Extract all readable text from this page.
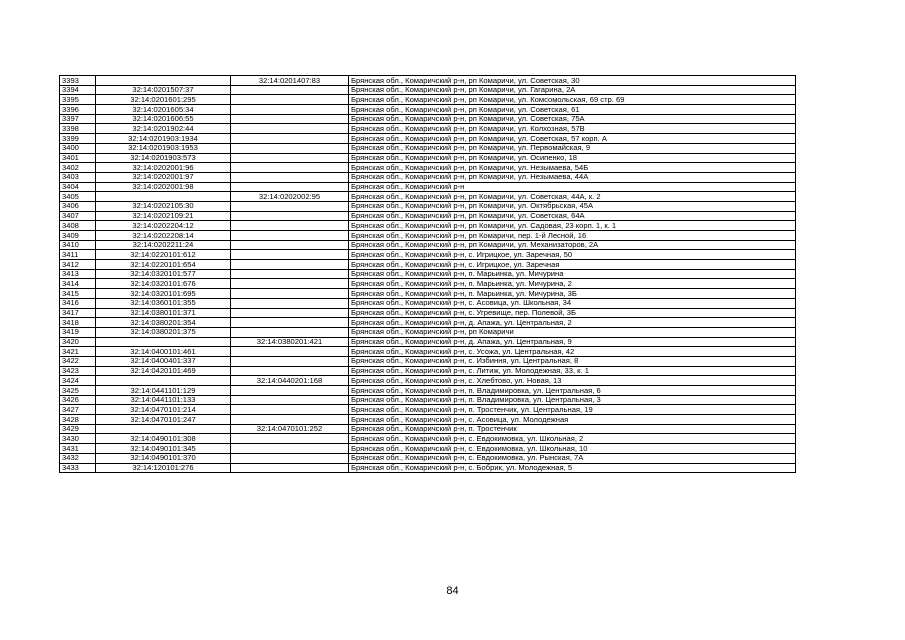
3393		32:14:0201407:83	Брянская обл., Комаричский р-н, рп Комаричи, ул. Советская, 30
3394	32:14:0201507:37		Брянская обл., Комаричский р-н, рп Комаричи, ул. Гагарина, 2А
3395	32:14:0201601:295		Брянская обл., Комаричский р-н, рп Комаричи, ул. Комсомольская, 69 стр. 69
3396	32:14:0201605:34		Брянская обл., Комаричский р-н, рп Комаричи, ул. Советская, 61
3397	32:14:0201606:55		Брянская обл., Комаричский р-н, рп Комаричи, ул. Советская, 75А
3398	32:14:0201902:44		Брянская обл., Комаричский р-н, рп Комаричи, ул. Колхозная, 57В
3399	32:14:0201903:1934		Брянская обл., Комаричский р-н, рп Комаричи, ул. Советская, 57 корп. А
3400	32:14:0201903:1953		Брянская обл., Комаричский р-н, рп Комаричи, ул. Первомайская, 9
3401	32:14:0201903:573		Брянская обл., Комаричский р-н, рп Комаричи, ул. Осипенко, 18
3402	32:14:0202001:96		Брянская обл., Комаричский р-н, рп Комаричи, ул. Незымаева, 54Б
3403	32:14:0202001:97		Брянская обл., Комаричский р-н, рп Комаричи, ул. Незымаева, 44А
3404	32:14:0202001:98		Брянская обл., Комаричский р-н
3405		32:14:0202002:95	Брянская обл., Комаричский р-н, рп Комаричи, ул. Советская, 44А, к. 2
3406	32:14:0202105:30		Брянская обл., Комаричский р-н, рп Комаричи, ул. Октябрьская, 45А
3407	32:14:0202109:21		Брянская обл., Комаричский р-н, рп Комаричи, ул. Советская, 64А
3408	32:14:0202204:12		Брянская обл., Комаричский р-н, рп Комаричи, ул. Садовая, 23 корп. 1, к. 1
3409	32:14:0202208:14		Брянская обл., Комаричский р-н, рп Комаричи, пер. 1-й Лесной, 16
3410	32:14:0202211:24		Брянская обл., Комаричский р-н, рп Комаричи, ул. Механизаторов, 2А
3411	32:14:0220101:612		Брянская обл., Комаричский р-н, с. Игрицкое, ул. Заречная, 50
3412	32:14:0220101:654		Брянская обл., Комаричский р-н, с. Игрицкое, ул. Заречная
3413	32:14:0320101:577		Брянская обл., Комаричский р-н, п. Марьинка, ул. Мичурина
3414	32:14:0320101:676		Брянская обл., Комаричский р-н, п. Марьинка, ул. Мичурина, 2
3415	32:14:0320101:695		Брянская обл., Комаричский р-н, п. Марьинка, ул. Мичурина, 3Б
3416	32:14:0360101:355		Брянская обл., Комаричский р-н, с. Асовица, ул. Школьная, 34
3417	32:14:0380101:371		Брянская обл., Комаричский р-н, с. Угревище, пер. Полевой, 3Б
3418	32:14:0380201:354		Брянская обл., Комаричский р-н, д. Апажа, ул. Центральная, 2
3419	32:14:0380201:375		Брянская обл., Комаричский р-н, рп Комаричи
3420		32:14:0380201:421	Брянская обл., Комаричский р-н, д. Апажа, ул. Центральная, 9
3421	32:14:0400101:461		Брянская обл., Комаричский р-н, с. Усожа, ул. Центральная, 42
3422	32:14:0400401:337		Брянская обл., Комаричский р-н, с. Избиння, ул. Центральная, 8
3423	32:14:0420101:469		Брянская обл., Комаричский р-н, с. Литиж, ул. Молодежная, 33, к. 1
3424		32:14:0440201:168	Брянская обл., Комаричский р-н, с. Хлебтово, ул. Новая, 13
3425	32:14:0441101:129		Брянская обл., Комаричский р-н, п. Владимировка, ул. Центральная, 6
3426	32:14:0441101:133		Брянская обл., Комаричский р-н, п. Владимировка, ул. Центральная, 3
3427	32:14:0470101:214		Брянская обл., Комаричский р-н, п. Тростенчик, ул. Центральная, 19
3428	32:14:0470101:247		Брянская обл., Комаричский р-н, с. Асовица, ул. Молодежная
3429		32:14:0470101:252	Брянская обл., Комаричский р-н, п. Тростенчик
3430	32:14:0490101:308		Брянская обл., Комаричский р-н, с. Евдокимовка, ул. Школьная, 2
3431	32:14:0490101:345		Брянская обл., Комаричский р-н, с. Евдокимовка, ул. Школьная, 10
3432	32:14:0490101:370		Брянская обл., Комаричский р-н, с. Евдокимовка, ул. Рынская, 7А
3433	32:14:120101:276		Брянская обл., Комаричский р-н, с. Бобрик, ул. Молодежная, 5
84
